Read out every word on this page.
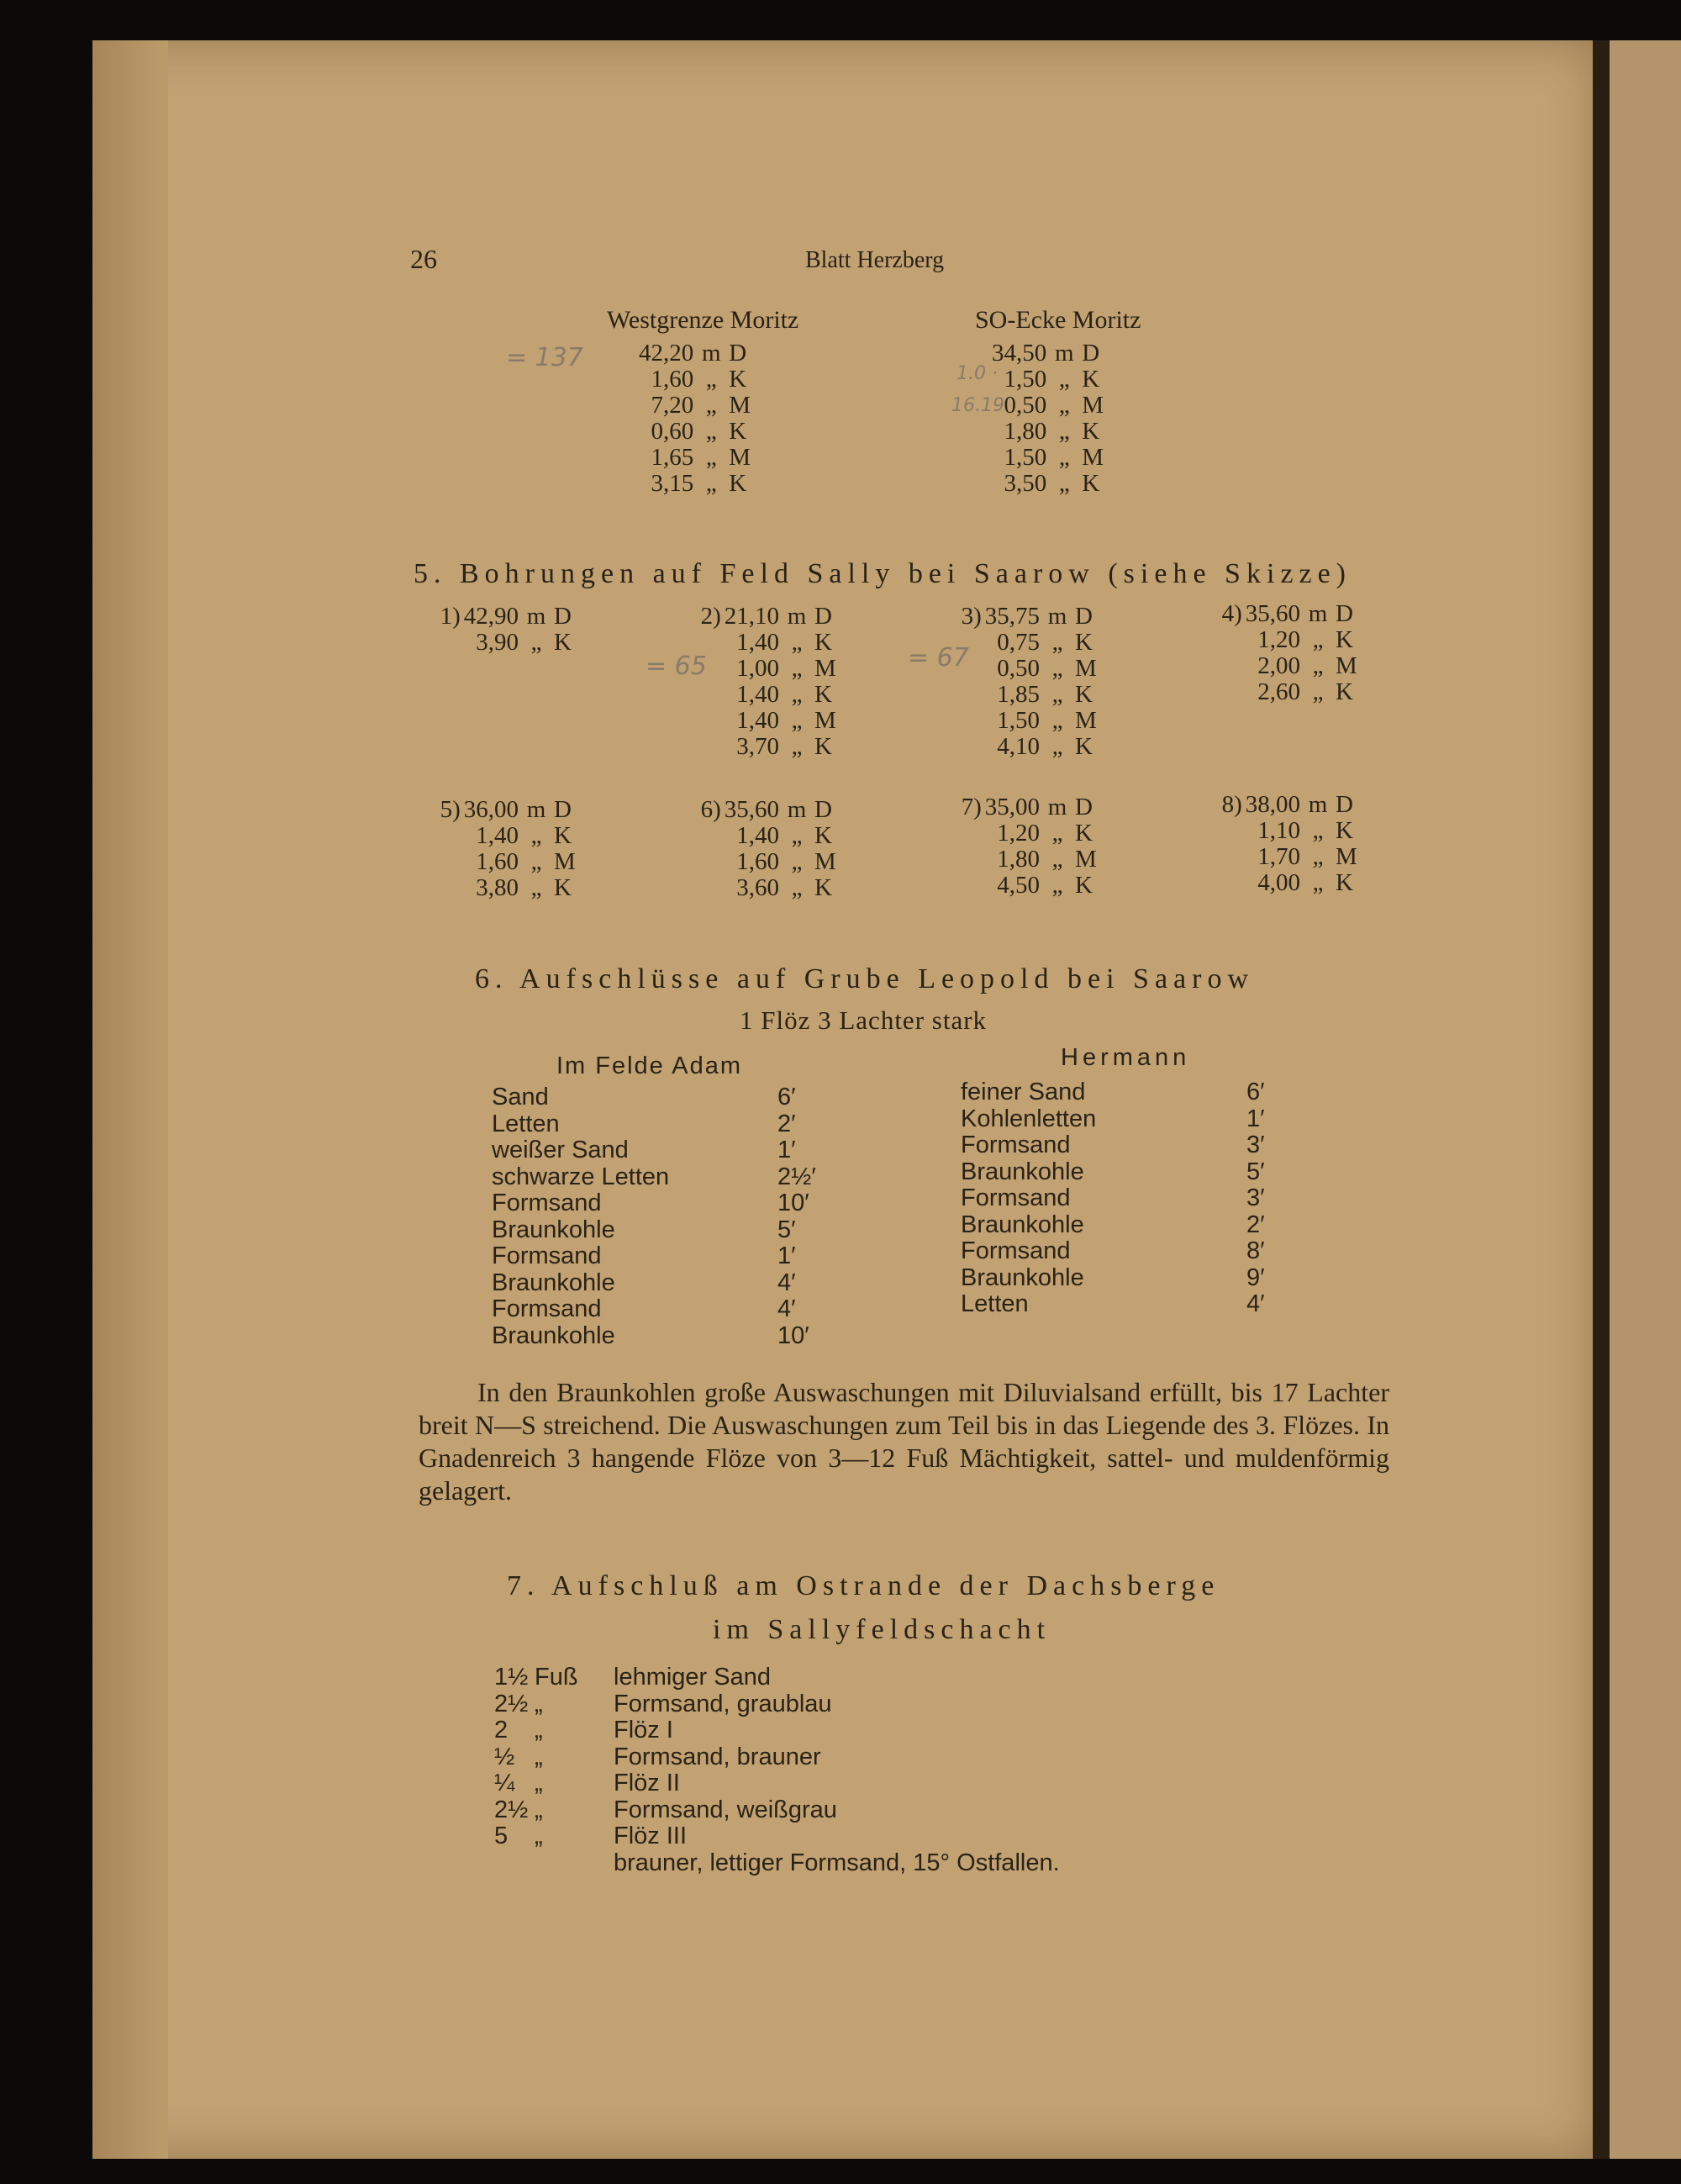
26	Blatt Herzberg
= 137
1.0 ·
16.19
= 65	= 67
Westgrenze Moritz	SO-Ecke Moritz
42,20 m D
1,60 „ K
7,20 „ M
0,60 „ K
1,65 „ M
3,15 „ K
34,50 m D
1,50 „ K
0,50 „ M
1,80 „ K
1,50 „ M
3,50 „ K
5. Bohrungen auf Feld Sally bei Saarow (siehe Skizze)
1) 42,90 m D
3,90 „ K
2) 21,10 m D
1,40 „ K
1,00 „ M
1,40 „ K
1,40 „ M
3,70 „ K
3) 35,75 m D
0,75 „ K
0,50 „ M
1,85 „ K
1,50 „ M
4,10 „ K
4) 35,60 m D
1,20 „ K
2,00 „ M
2,60 „ K
5) 36,00 m D
1,40 „ K
1,60 „ M
3,80 „ K
6) 35,60 m D
1,40 „ K
1,60 „ M
3,60 „ K
7) 35,00 m D
1,20 „ K
1,80 „ M
4,50 „ K
8) 38,00 m D
1,10 „ K
1,70 „ M
4,00 „ K
6. Aufschlüsse auf Grube Leopold bei Saarow
1 Flöz 3 Lachter stark
Im Felde Adam	Hermann
Sand	6′
Letten	2′
weißer Sand	1′
schwarze Letten	2½′
Formsand	10′
Braunkohle	5′
Formsand	1′
Braunkohle	4′
Formsand	4′
Braunkohle	10′
feiner Sand	6′
Kohlenletten	1′
Formsand	3′
Braunkohle	5′
Formsand	3′
Braunkohle	2′
Formsand	8′
Braunkohle	9′
Letten	4′
In den Braunkohlen große Auswaschungen mit Diluvialsand erfüllt, bis 17 Lachter breit N—S streichend. Die Auswaschungen zum Teil bis in das Liegende des 3. Flözes. In Gnadenreich 3 hangende Flöze von 3—12 Fuß Mächtigkeit, sattel- und muldenförmig gelagert.
7. Aufschluß am Ostrande der Dachsberge
im Sallyfeldschacht
1½ Fuß	lehmiger Sand
2½ „	Formsand, graublau
2	„	Flöz I
½ „	Formsand, brauner
¼ „	Flöz II
2½ „	Formsand, weißgrau
5	„	Flöz III
brauner, lettiger Formsand, 15° Ostfallen.
